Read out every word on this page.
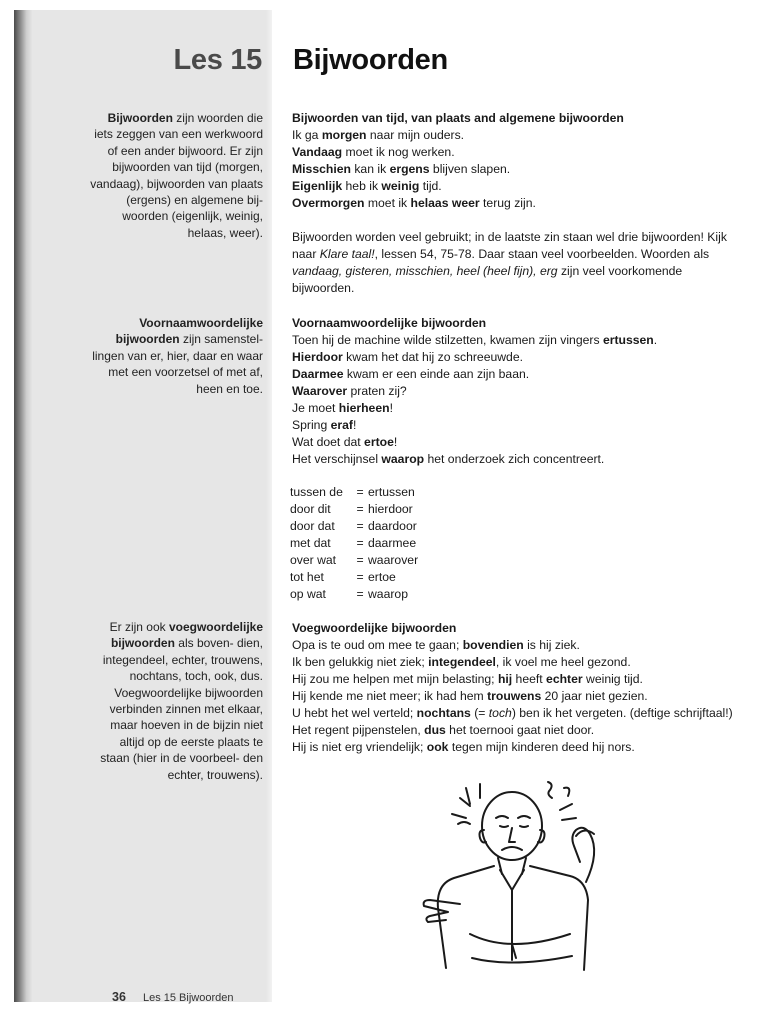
Les 15 Bijwoorden
Bijwoorden zijn woorden die iets zeggen van een werkwoord of een ander bijwoord. Er zijn bijwoorden van tijd (morgen, vandaag), bijwoorden van plaats (ergens) en algemene bij- woorden (eigenlijk, weinig, helaas, weer).
Voornaamwoordelijke bijwoorden zijn samenstel- lingen van er, hier, daar en waar met een voorzetsel of met af, heen en toe.
Er zijn ook voegwoordelijke bijwoorden als boven- dien, integendeel, echter, trouwens, nochtans, toch, ook, dus. Voegwoordelijke bijwoorden verbinden zinnen met elkaar, maar hoeven in de bijzin niet altijd op de eerste plaats te staan (hier in de voorbeel- den echter, trouwens).

Bijwoorden van tijd, van plaats and algemene bijwoorden

Ik ga morgen naar mijn ouders.

Vandaag moet ik nog werken.

Misschien kan ik ergens blijven slapen.

Eigenlijk heb ik weinig tijd.

Overmorgen moet ik helaas weer terug zijn.

Bijwoorden worden veel gebruikt; in de laatste zin staan wel drie bijwoorden! Kijk naar Klare taal!, lessen 54, 75-78. Daar staan veel voorbeelden. Woorden als vandaag, gisteren, misschien, heel (heel fijn), erg zijn veel voorkomende bijwoorden.

Voornaamwoordelijke bijwoorden

Toen hij de machine wilde stilzetten, kwamen zijn vingers ertussen.

Hierdoor kwam het dat hij zo schreeuwde.

Daarmee kwam er een einde aan zijn baan.

Waarover praten zij?

Je moet hierheen!

Spring eraf!

Wat doet dat ertoe!

Het verschijnsel waarop het onderzoek zich concentreert.

tussen de	=	ertussen
door dit	=	hierdoor
door dat	=	daardoor
met dat	=	daarmee
over wat	=	waarover
tot het	=	ertoe
op wat	=	waarop

Voegwoordelijke bijwoorden

Opa is te oud om mee te gaan; bovendien is hij ziek.

Ik ben gelukkig niet ziek; integendeel, ik voel me heel gezond.

Hij zou me helpen met mijn belasting; hij heeft echter weinig tijd.

Hij kende me niet meer; ik had hem trouwens 20 jaar niet gezien.

U hebt het wel verteld; nochtans (= toch) ben ik het vergeten. (deftige schrijftaal!)

Het regent pijpenstelen, dus het toernooi gaat niet door.

Hij is niet erg vriendelijk; ook tegen mijn kinderen deed hij nors.

36 Les 15 Bijwoorden
